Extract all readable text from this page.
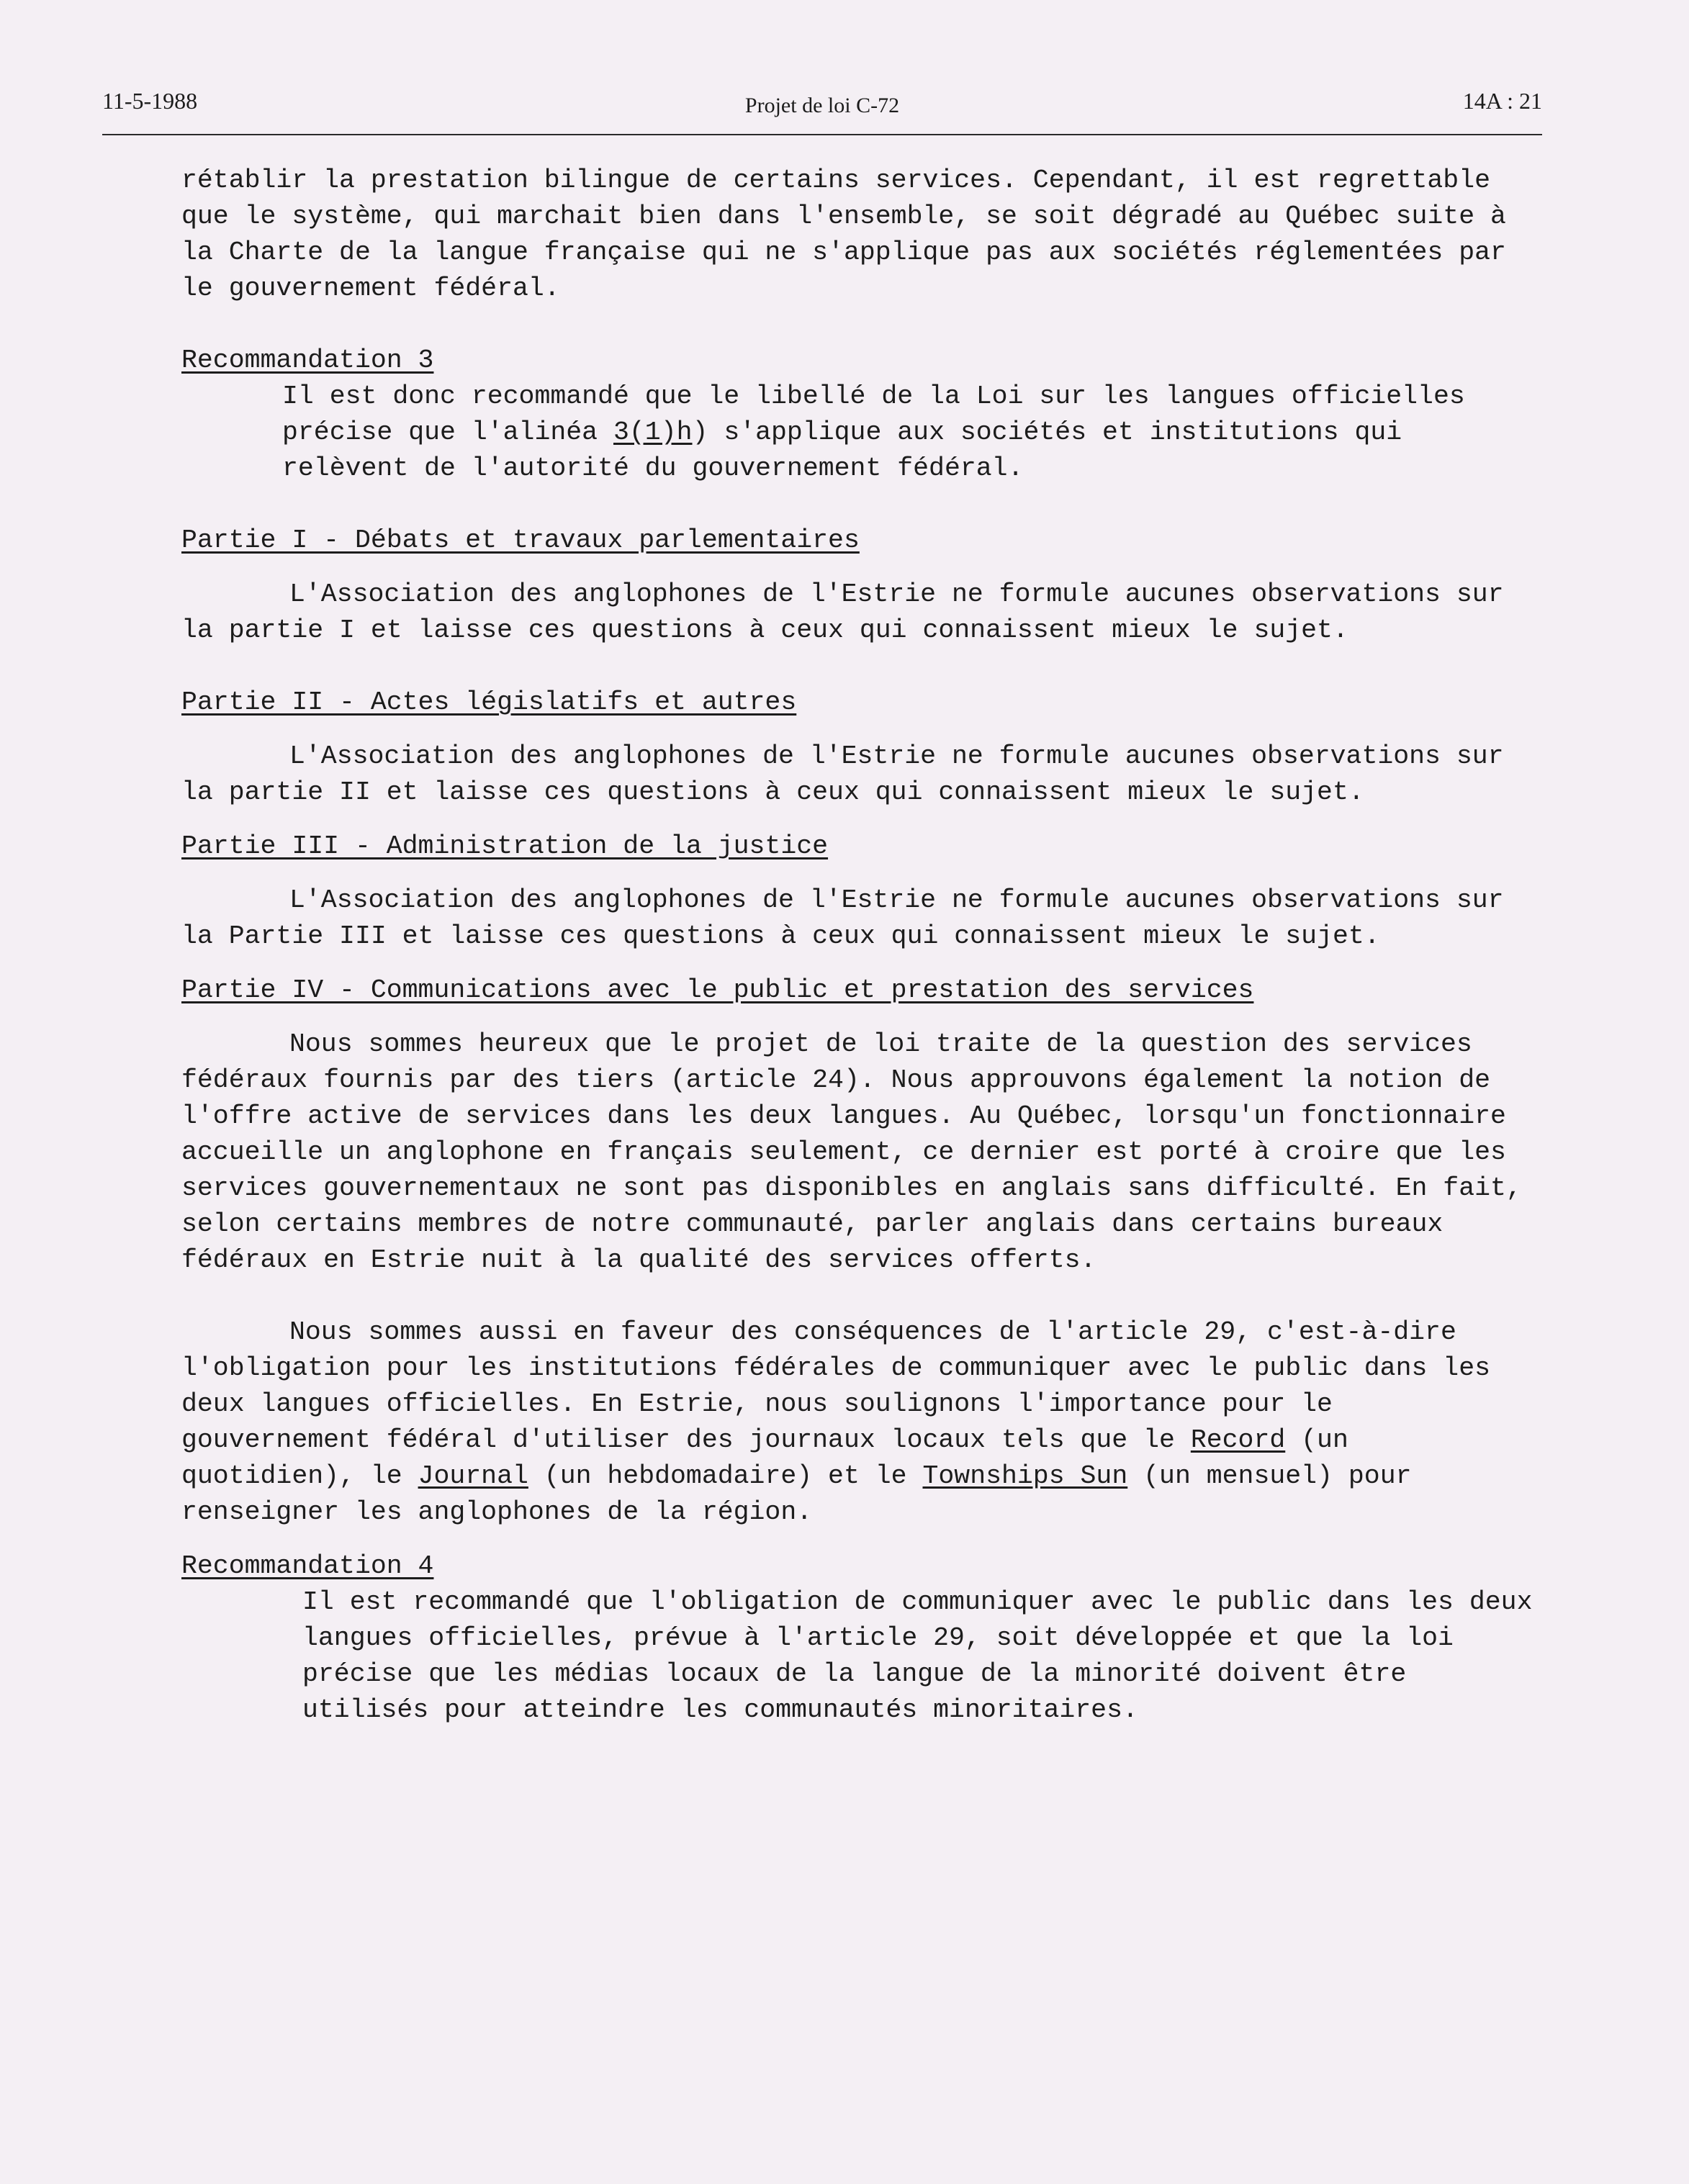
11-5-1988	Projet de loi C-72	14A : 21

rétablir la prestation bilingue de certains services. Cependant, il est regrettable que le système, qui marchait bien dans l'ensemble, se soit dégradé au Québec suite à la Charte de la langue française qui ne s'applique pas aux sociétés réglementées par le gouvernement fédéral.

Recommandation 3

Il est donc recommandé que le libellé de la Loi sur les langues officielles précise que l'alinéa 3(1)h) s'applique aux sociétés et institutions qui relèvent de l'autorité du gouvernement fédéral.

Partie I - Débats et travaux parlementaires

L'Association des anglophones de l'Estrie ne formule aucunes observations sur la partie I et laisse ces questions à ceux qui connaissent mieux le sujet.

Partie II - Actes législatifs et autres

L'Association des anglophones de l'Estrie ne formule aucunes observations sur la partie II et laisse ces questions à ceux qui connaissent mieux le sujet.

Partie III - Administration de la justice

L'Association des anglophones de l'Estrie ne formule aucunes observations sur la Partie III et laisse ces questions à ceux qui connaissent mieux le sujet.

Partie IV - Communications avec le public et prestation des services

Nous sommes heureux que le projet de loi traite de la question des services fédéraux fournis par des tiers (article 24). Nous approuvons également la notion de l'offre active de services dans les deux langues. Au Québec, lorsqu'un fonctionnaire accueille un anglophone en français seulement, ce dernier est porté à croire que les services gouvernementaux ne sont pas disponibles en anglais sans difficulté. En fait, selon certains membres de notre communauté, parler anglais dans certains bureaux fédéraux en Estrie nuit à la qualité des services offerts.

Nous sommes aussi en faveur des conséquences de l'article 29, c'est-à-dire l'obligation pour les institutions fédérales de communiquer avec le public dans les deux langues officielles. En Estrie, nous soulignons l'importance pour le gouvernement fédéral d'utiliser des journaux locaux tels que le Record (un quotidien), le Journal (un hebdomadaire) et le Townships Sun (un mensuel) pour renseigner les anglophones de la région.

Recommandation 4

Il est recommandé que l'obligation de communiquer avec le public dans les deux langues officielles, prévue à l'article 29, soit développée et que la loi précise que les médias locaux de la langue de la minorité doivent être utilisés pour atteindre les communautés minoritaires.
